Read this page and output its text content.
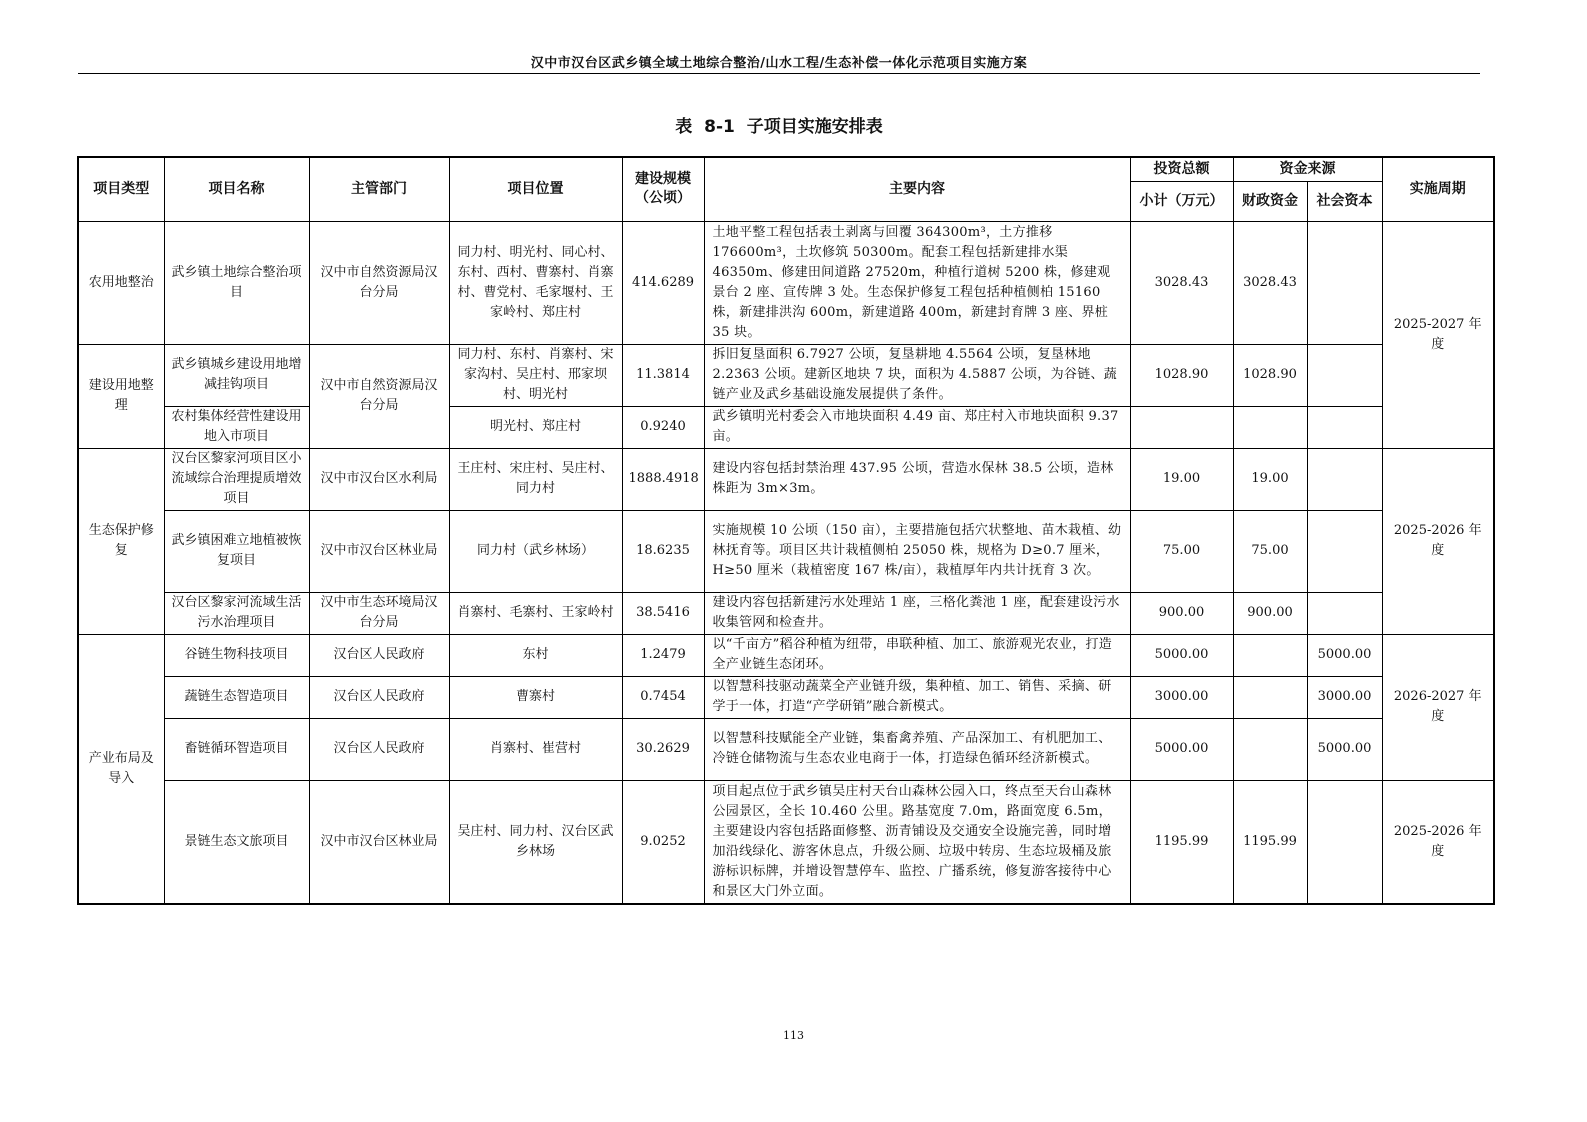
汉中市汉台区武乡镇全域土地综合整治/山水工程/生态补偿一体化示范项目实施方案
表 8-1 子项目实施安排表
项目类型	项目名称	主管部门	项目位置	建设规模（公顷）	主要内容	投资总额	资金来源		实施周期
						小计（万元）	财政资金	社会资本	
农用地整治	武乡镇土地综合整治项目	汉中市自然资源局汉台分局	同力村、明光村、同心村、东村、西村、曹寨村、肖寨村、曹党村、毛家堰村、王家岭村、郑庄村	414.6289	土地平整工程包括表土剥离与回覆 364300m³，土方推移 176600m³，土坎修筑 50300m。配套工程包括新建排水渠 46350m、修建田间道路 27520m，种植行道树 5200 株，修建观景台 2 座、宣传牌 3 处。生态保护修复工程包括种植侧柏 15160 株，新建排洪沟 600m，新建道路 400m，新建封育牌 3 座、界桩 35 块。	3028.43	3028.43		2025-2027 年度
建设用地整理	武乡镇城乡建设用地增减挂钩项目	汉中市自然资源局汉台分局	同力村、东村、肖寨村、宋家沟村、吴庄村、邢家坝村、明光村	11.3814	拆旧复垦面积 6.7927 公顷，复垦耕地 4.5564 公顷，复垦林地 2.2363 公顷。建新区地块 7 块，面积为 4.5887 公顷，为谷链、蔬链产业及武乡基础设施发展提供了条件。	1028.90	1028.90		
	农村集体经营性建设用地入市项目		明光村、郑庄村	0.9240	武乡镇明光村委会入市地块面积 4.49 亩、郑庄村入市地块面积 9.37 亩。				
生态保护修复	汉台区黎家河项目区小流域综合治理提质增效项目	汉中市汉台区水利局	王庄村、宋庄村、吴庄村、同力村	1888.4918	建设内容包括封禁治理 437.95 公顷，营造水保林 38.5 公顷，造林株距为 3m×3m。	19.00	19.00		2025-2026 年度
	武乡镇困难立地植被恢复项目	汉中市汉台区林业局	同力村（武乡林场）	18.6235	实施规模 10 公顷（150 亩），主要措施包括穴状整地、苗木栽植、幼林抚育等。项目区共计栽植侧柏 25050 株，规格为 D≥0.7 厘米，H≥50 厘米（栽植密度 167 株/亩），栽植厚年内共计抚育 3 次。	75.00	75.00		
	汉台区黎家河流域生活污水治理项目	汉中市生态环境局汉台分局	肖寨村、毛寨村、王家岭村	38.5416	建设内容包括新建污水处理站 1 座，三格化粪池 1 座，配套建设污水收集管网和检查井。	900.00	900.00		
产业布局及导入	谷链生物科技项目	汉台区人民政府	东村	1.2479	以“千亩方”稻谷种植为纽带，串联种植、加工、旅游观光农业，打造全产业链生态闭环。	5000.00		5000.00	2026-2027 年度
	蔬链生态智造项目	汉台区人民政府	曹寨村	0.7454	以智慧科技驱动蔬菜全产业链升级，集种植、加工、销售、采摘、研学于一体，打造“产学研销”融合新模式。	3000.00		3000.00	
	畜链循环智造项目	汉台区人民政府	肖寨村、崔营村	30.2629	以智慧科技赋能全产业链，集畜禽养殖、产品深加工、有机肥加工、冷链仓储物流与生态农业电商于一体，打造绿色循环经济新模式。	5000.00		5000.00	
	景链生态文旅项目	汉中市汉台区林业局	吴庄村、同力村、汉台区武乡林场	9.0252	项目起点位于武乡镇吴庄村天台山森林公园入口，终点至天台山森林公园景区，全长 10.460 公里。路基宽度 7.0m，路面宽度 6.5m，主要建设内容包括路面修整、沥青铺设及交通安全设施完善，同时增加沿线绿化、游客休息点，升级公厕、垃圾中转房、生态垃圾桶及旅游标识标牌，并增设智慧停车、监控、广播系统，修复游客接待中心和景区大门外立面。	1195.99	1195.99		2025-2026 年度
113
